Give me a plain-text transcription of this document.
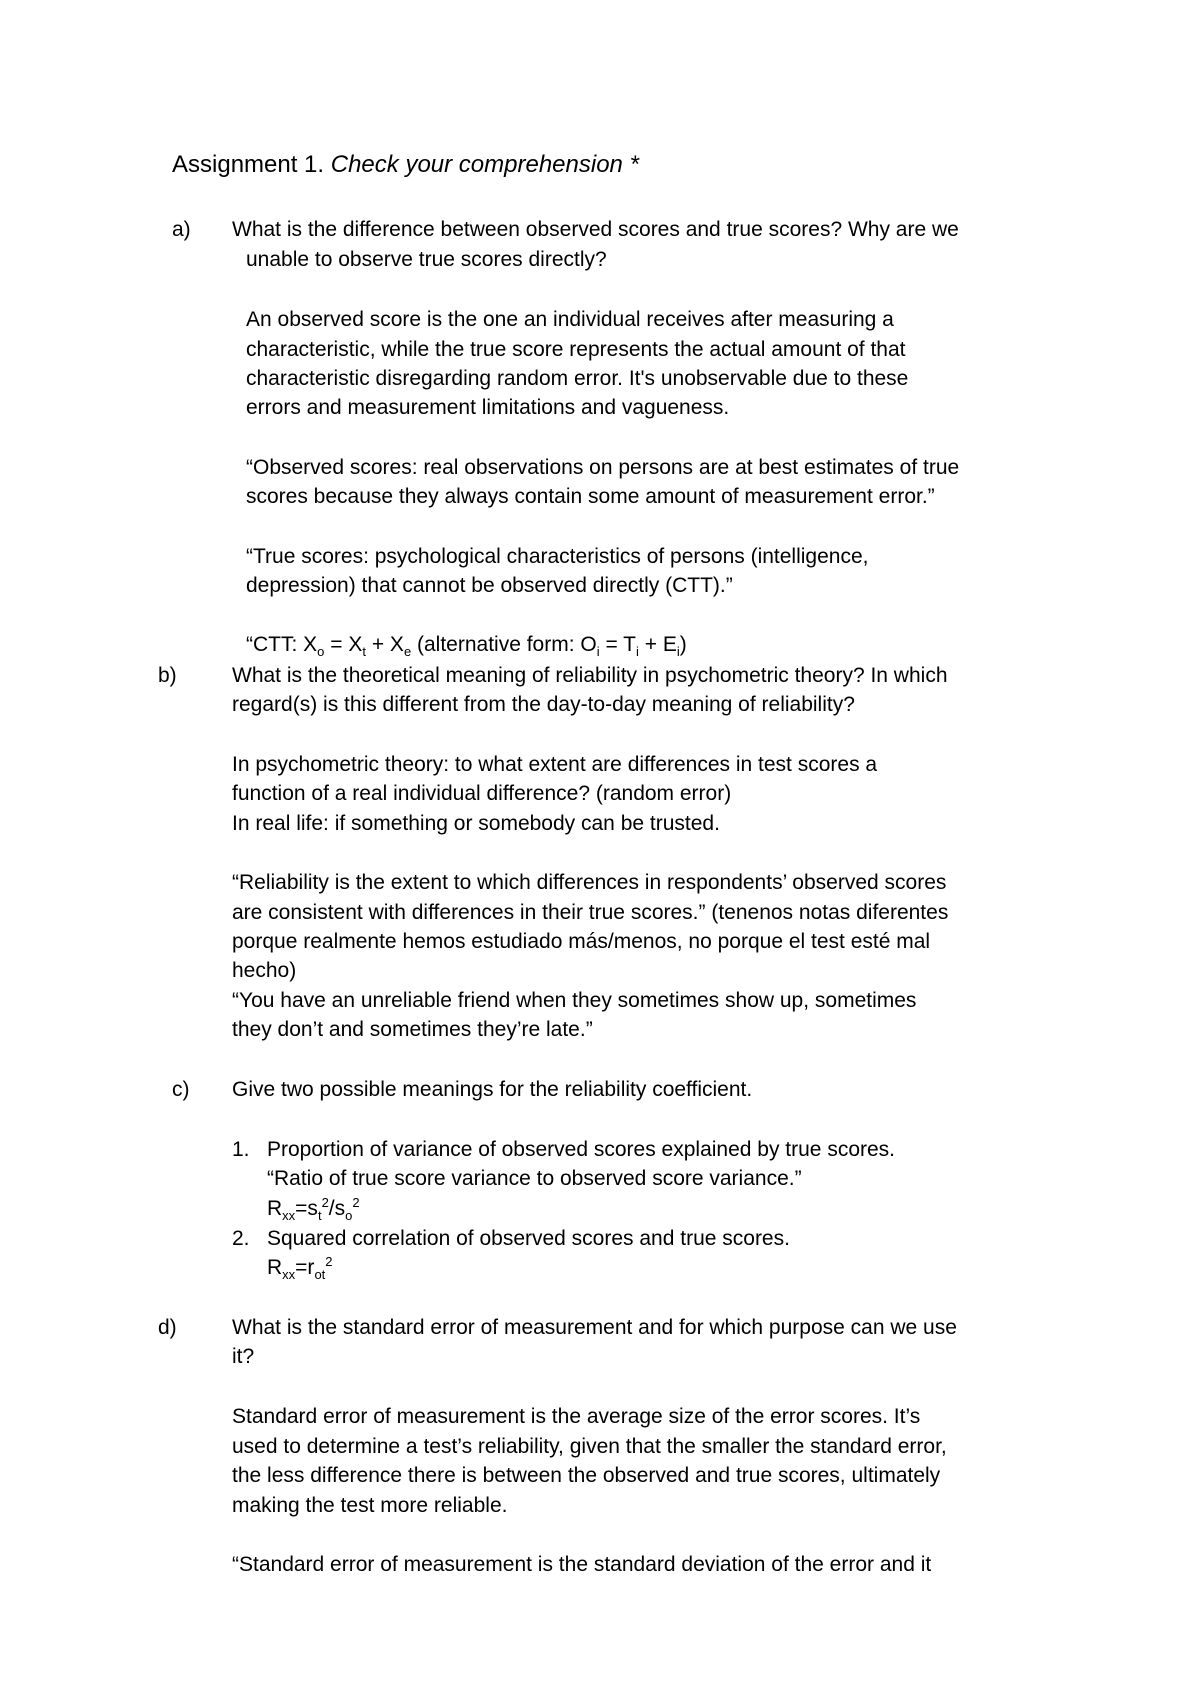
Assignment 1. Check your comprehension *
a) What is the difference between observed scores and true scores? Why are we
unable to observe true scores directly?
An observed score is the one an individual receives after measuring a
characteristic, while the true score represents the actual amount of that
characteristic disregarding random error. It's unobservable due to these
errors and measurement limitations and vagueness.
“Observed scores: real observations on persons are at best estimates of true
scores because they always contain some amount of measurement error.”
“True scores: psychological characteristics of persons (intelligence,
depression) that cannot be observed directly (CTT).”
“CTT: $X_o = X_t + X_e$ (alternative form: $O_i = T_i + E_i$)
b)	What is the theoretical meaning of reliability in psychometric theory? In which
regard(s) is this different from the day-to-day meaning of reliability?
In psychometric theory: to what extent are differences in test scores a
function of a real individual difference? (random error)
In real life: if something or somebody can be trusted.
“Reliability is the extent to which differences in respondents’ observed scores
are consistent with differences in their true scores.” (tenenos notas diferentes
porque realmente hemos estudiado más/menos, no porque el test esté mal
hecho)
“You have an unreliable friend when they sometimes show up, sometimes
they don’t and sometimes they’re late.”
c) Give two possible meanings for the reliability coefficient.
1. Proportion of variance of observed scores explained by true scores.
“Ratio of true score variance to observed score variance.”
$R_{xx}=s_t^2/s_o^2$
2. Squared correlation of observed scores and true scores.
$R_{xx}=r_{ot}^2$
d)	What is the standard error of measurement and for which purpose can we use
it?
Standard error of measurement is the average size of the error scores. It’s
used to determine a test’s reliability, given that the smaller the standard error,
the less difference there is between the observed and true scores, ultimately
making the test more reliable.
“Standard error of measurement is the standard deviation of the error and it
